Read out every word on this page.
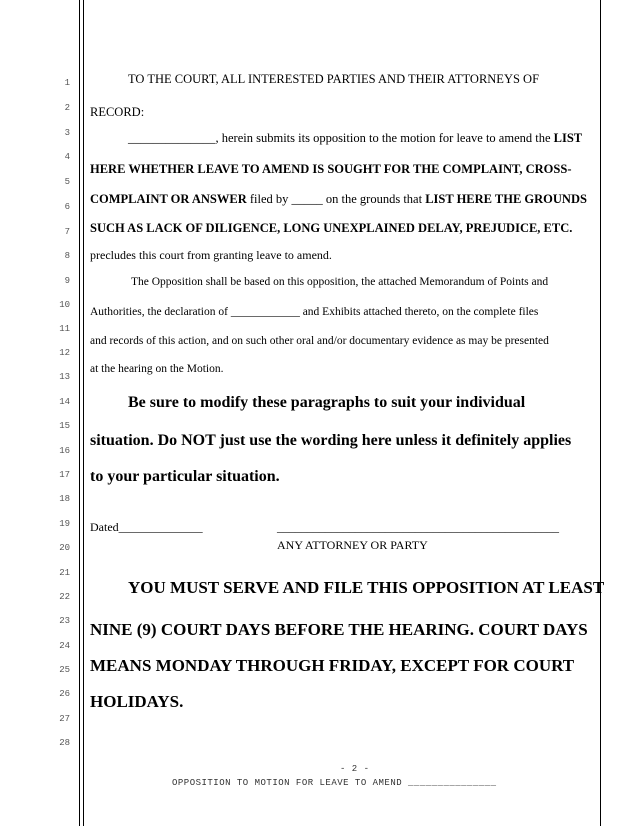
1
2
3
4
5
6
7
8
9
10
11
12
13
14
15
16
17
18
19
20
21
22
23
24
25
26
27
28
TO THE COURT, ALL INTERESTED PARTIES AND THEIR ATTORNEYS OF
RECORD:
______________, herein submits its opposition to the motion for leave to amend the LIST
HERE WHETHER LEAVE TO AMEND IS SOUGHT FOR THE COMPLAINT, CROSS-
COMPLAINT OR ANSWER filed by _____ on the grounds that LIST HERE THE GROUNDS
SUCH AS LACK OF DILIGENCE, LONG UNEXPLAINED DELAY, PREJUDICE, ETC.
precludes this court from granting leave to amend.
The Opposition shall be based on this opposition, the attached Memorandum of Points and
Authorities, the declaration of ____________ and Exhibits attached thereto, on the complete files
and records of this action, and on such other oral and/or documentary evidence as may be presented
at the hearing on the Motion.
Be sure to modify these paragraphs to suit your individual
situation. Do NOT just use the wording here unless it definitely applies
to your particular situation.
Dated______________	_______________________________________________
ANY ATTORNEY OR PARTY
YOU MUST SERVE AND FILE THIS OPPOSITION AT LEAST
NINE (9) COURT DAYS BEFORE THE HEARING. COURT DAYS
MEANS MONDAY THROUGH FRIDAY, EXCEPT FOR COURT
HOLIDAYS.
- 2 -
OPPOSITION TO MOTION FOR LEAVE TO AMEND _______________
